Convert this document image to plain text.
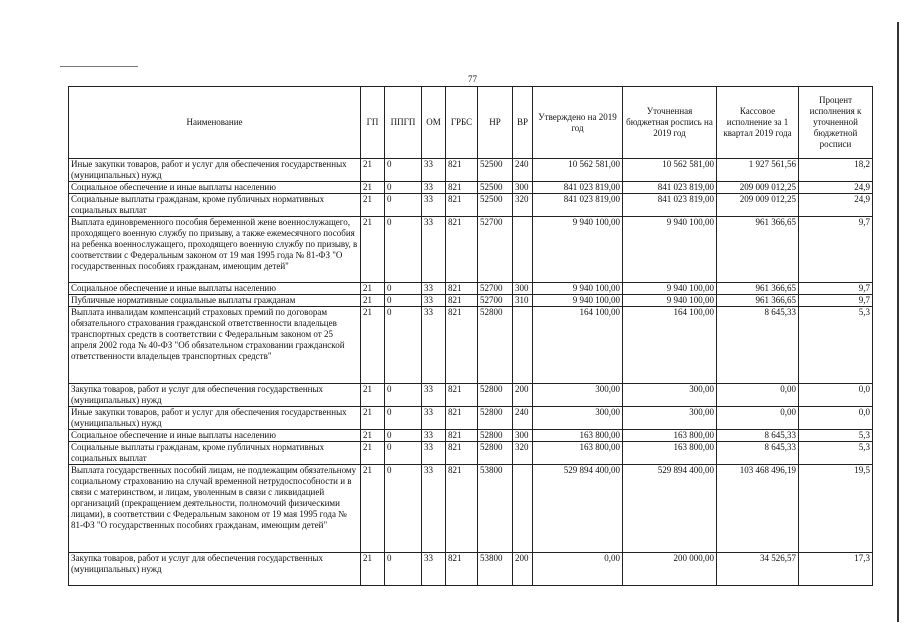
77
Наименование	ГП	ППГП	ОМ	ГРБС	НР	ВР	Утверждено на 2019 год	Уточненная бюджетная роспись на 2019 год	Кассовое исполнение за 1 квартал 2019 года	Процент исполнения к уточненной бюджетной росписи
Иные закупки товаров, работ и услуг для обеспечения государственных (муниципальных) нужд	21	0	33	821	52500	240	10 562 581,00	10 562 581,00	1 927 561,56	18,2
Социальное обеспечение и иные выплаты населению	21	0	33	821	52500	300	841 023 819,00	841 023 819,00	209 009 012,25	24,9
Социальные выплаты гражданам, кроме публичных нормативных социальных выплат	21	0	33	821	52500	320	841 023 819,00	841 023 819,00	209 009 012,25	24,9
Выплата единовременного пособия беременной жене военнослужащего, проходящего военную службу по призыву, а также ежемесячного пособия на ребенка военнослужащего, проходящего военную службу по призыву, в соответствии с Федеральным законом от 19 мая 1995 года № 81-ФЗ "О государственных пособиях гражданам, имеющим детей"	21	0	33	821	52700		9 940 100,00	9 940 100,00	961 366,65	9,7
Социальное обеспечение и иные выплаты населению	21	0	33	821	52700	300	9 940 100,00	9 940 100,00	961 366,65	9,7
Публичные нормативные социальные выплаты гражданам	21	0	33	821	52700	310	9 940 100,00	9 940 100,00	961 366,65	9,7
Выплата инвалидам компенсаций страховых премий по договорам обязательного страхования гражданской ответственности владельцев транспортных средств в соответствии с Федеральным законом от 25 апреля 2002 года № 40-ФЗ "Об обязательном страховании гражданской ответственности владельцев транспортных средств"	21	0	33	821	52800		164 100,00	164 100,00	8 645,33	5,3
Закупка товаров, работ и услуг для обеспечения государственных (муниципальных) нужд	21	0	33	821	52800	200	300,00	300,00	0,00	0,0
Иные закупки товаров, работ и услуг для обеспечения государственных (муниципальных) нужд	21	0	33	821	52800	240	300,00	300,00	0,00	0,0
Социальное обеспечение и иные выплаты населению	21	0	33	821	52800	300	163 800,00	163 800,00	8 645,33	5,3
Социальные выплаты гражданам, кроме публичных нормативных социальных выплат	21	0	33	821	52800	320	163 800,00	163 800,00	8 645,33	5,3
Выплата государственных пособий лицам, не подлежащим обязательному социальному страхованию на случай временной нетрудоспособности и в связи с материнством, и лицам, уволенным в связи с ликвидацией организаций (прекращением деятельности, полномочий физическими лицами), в соответствии с Федеральным законом от 19 мая 1995 года № 81-ФЗ "О государственных пособиях гражданам, имеющим детей"	21	0	33	821	53800		529 894 400,00	529 894 400,00	103 468 496,19	19,5
Закупка товаров, работ и услуг для обеспечения государственных (муниципальных) нужд	21	0	33	821	53800	200	0,00	200 000,00	34 526,57	17,3
